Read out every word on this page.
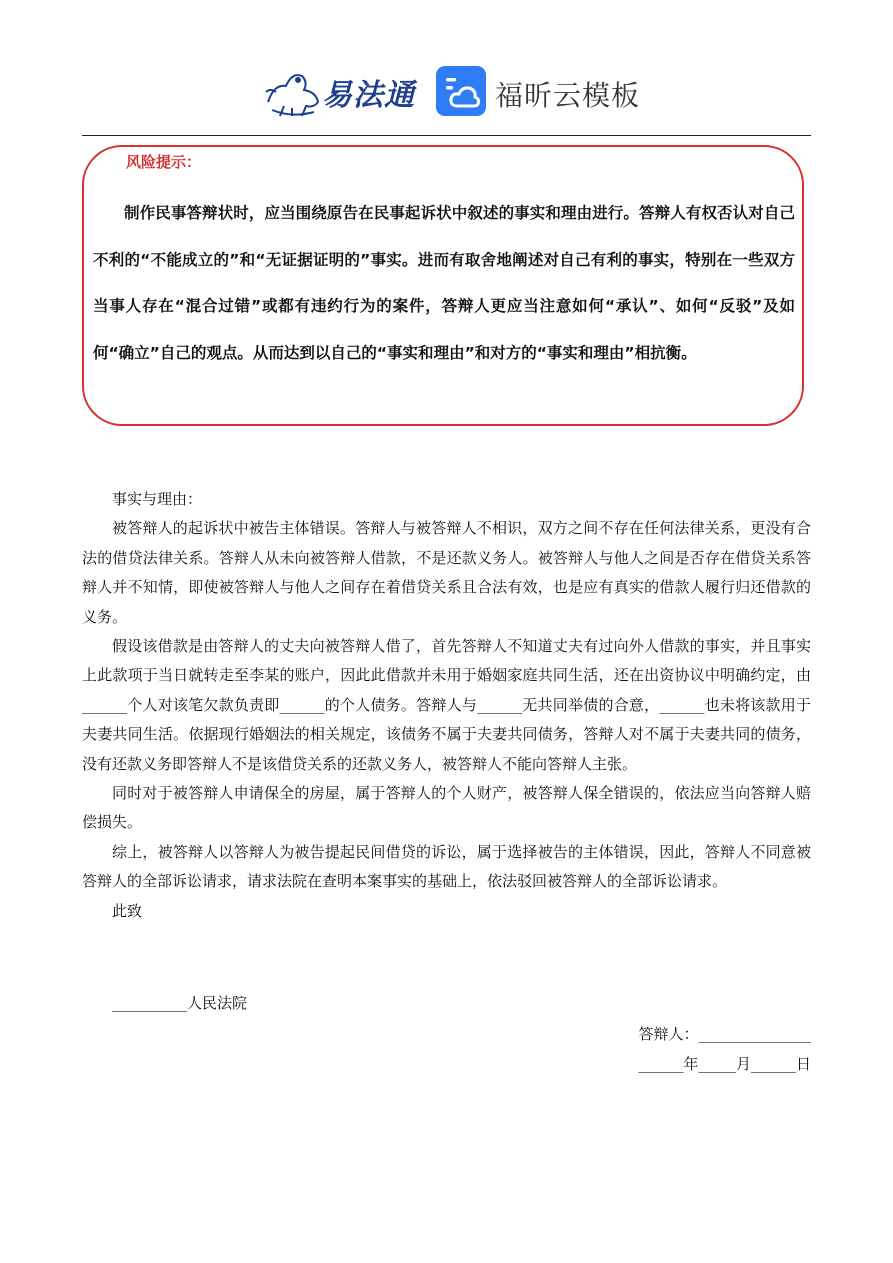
易法通	福昕云模板
风险提示：

制作民事答辩状时，应当围绕原告在民事起诉状中叙述的事实和理由进行。答辩人有权否认对自己不利的“不能成立的”和“无证据证明的”事实。进而有取舍地阐述对自己有利的事实，特别在一些双方当事人存在“混合过错”或都有违约行为的案件，答辩人更应当注意如何“承认”、如何“反驳”及如何“确立”自己的观点。从而达到以自己的“事实和理由”和对方的“事实和理由”相抗衡。

事实与理由：

被答辩人的起诉状中被告主体错误。答辩人与被答辩人不相识，双方之间不存在任何法律关系，更没有合法的借贷法律关系。答辩人从未向被答辩人借款，不是还款义务人。被答辩人与他人之间是否存在借贷关系答辩人并不知情，即使被答辩人与他人之间存在着借贷关系且合法有效，也是应有真实的借款人履行归还借款的义务。

假设该借款是由答辩人的丈夫向被答辩人借了，首先答辩人不知道丈夫有过向外人借款的事实，并且事实上此款项于当日就转走至李某的账户，因此此借款并未用于婚姻家庭共同生活，还在出资协议中明确约定，由______个人对该笔欠款负责即______的个人债务。答辩人与______无共同举债的合意，______也未将该款用于夫妻共同生活。依据现行婚姻法的相关规定，该债务不属于夫妻共同债务，答辩人对不属于夫妻共同的债务，没有还款义务即答辩人不是该借贷关系的还款义务人，被答辩人不能向答辩人主张。

同时对于被答辩人申请保全的房屋，属于答辩人的个人财产，被答辩人保全错误的，依法应当向答辩人赔偿损失。

综上，被答辩人以答辩人为被告提起民间借贷的诉讼，属于选择被告的主体错误，因此，答辩人不同意被答辩人的全部诉讼请求，请求法院在查明本案事实的基础上，依法驳回被答辩人的全部诉讼请求。

此致

__________人民法院
答辩人：_______________
______年_____月______日
